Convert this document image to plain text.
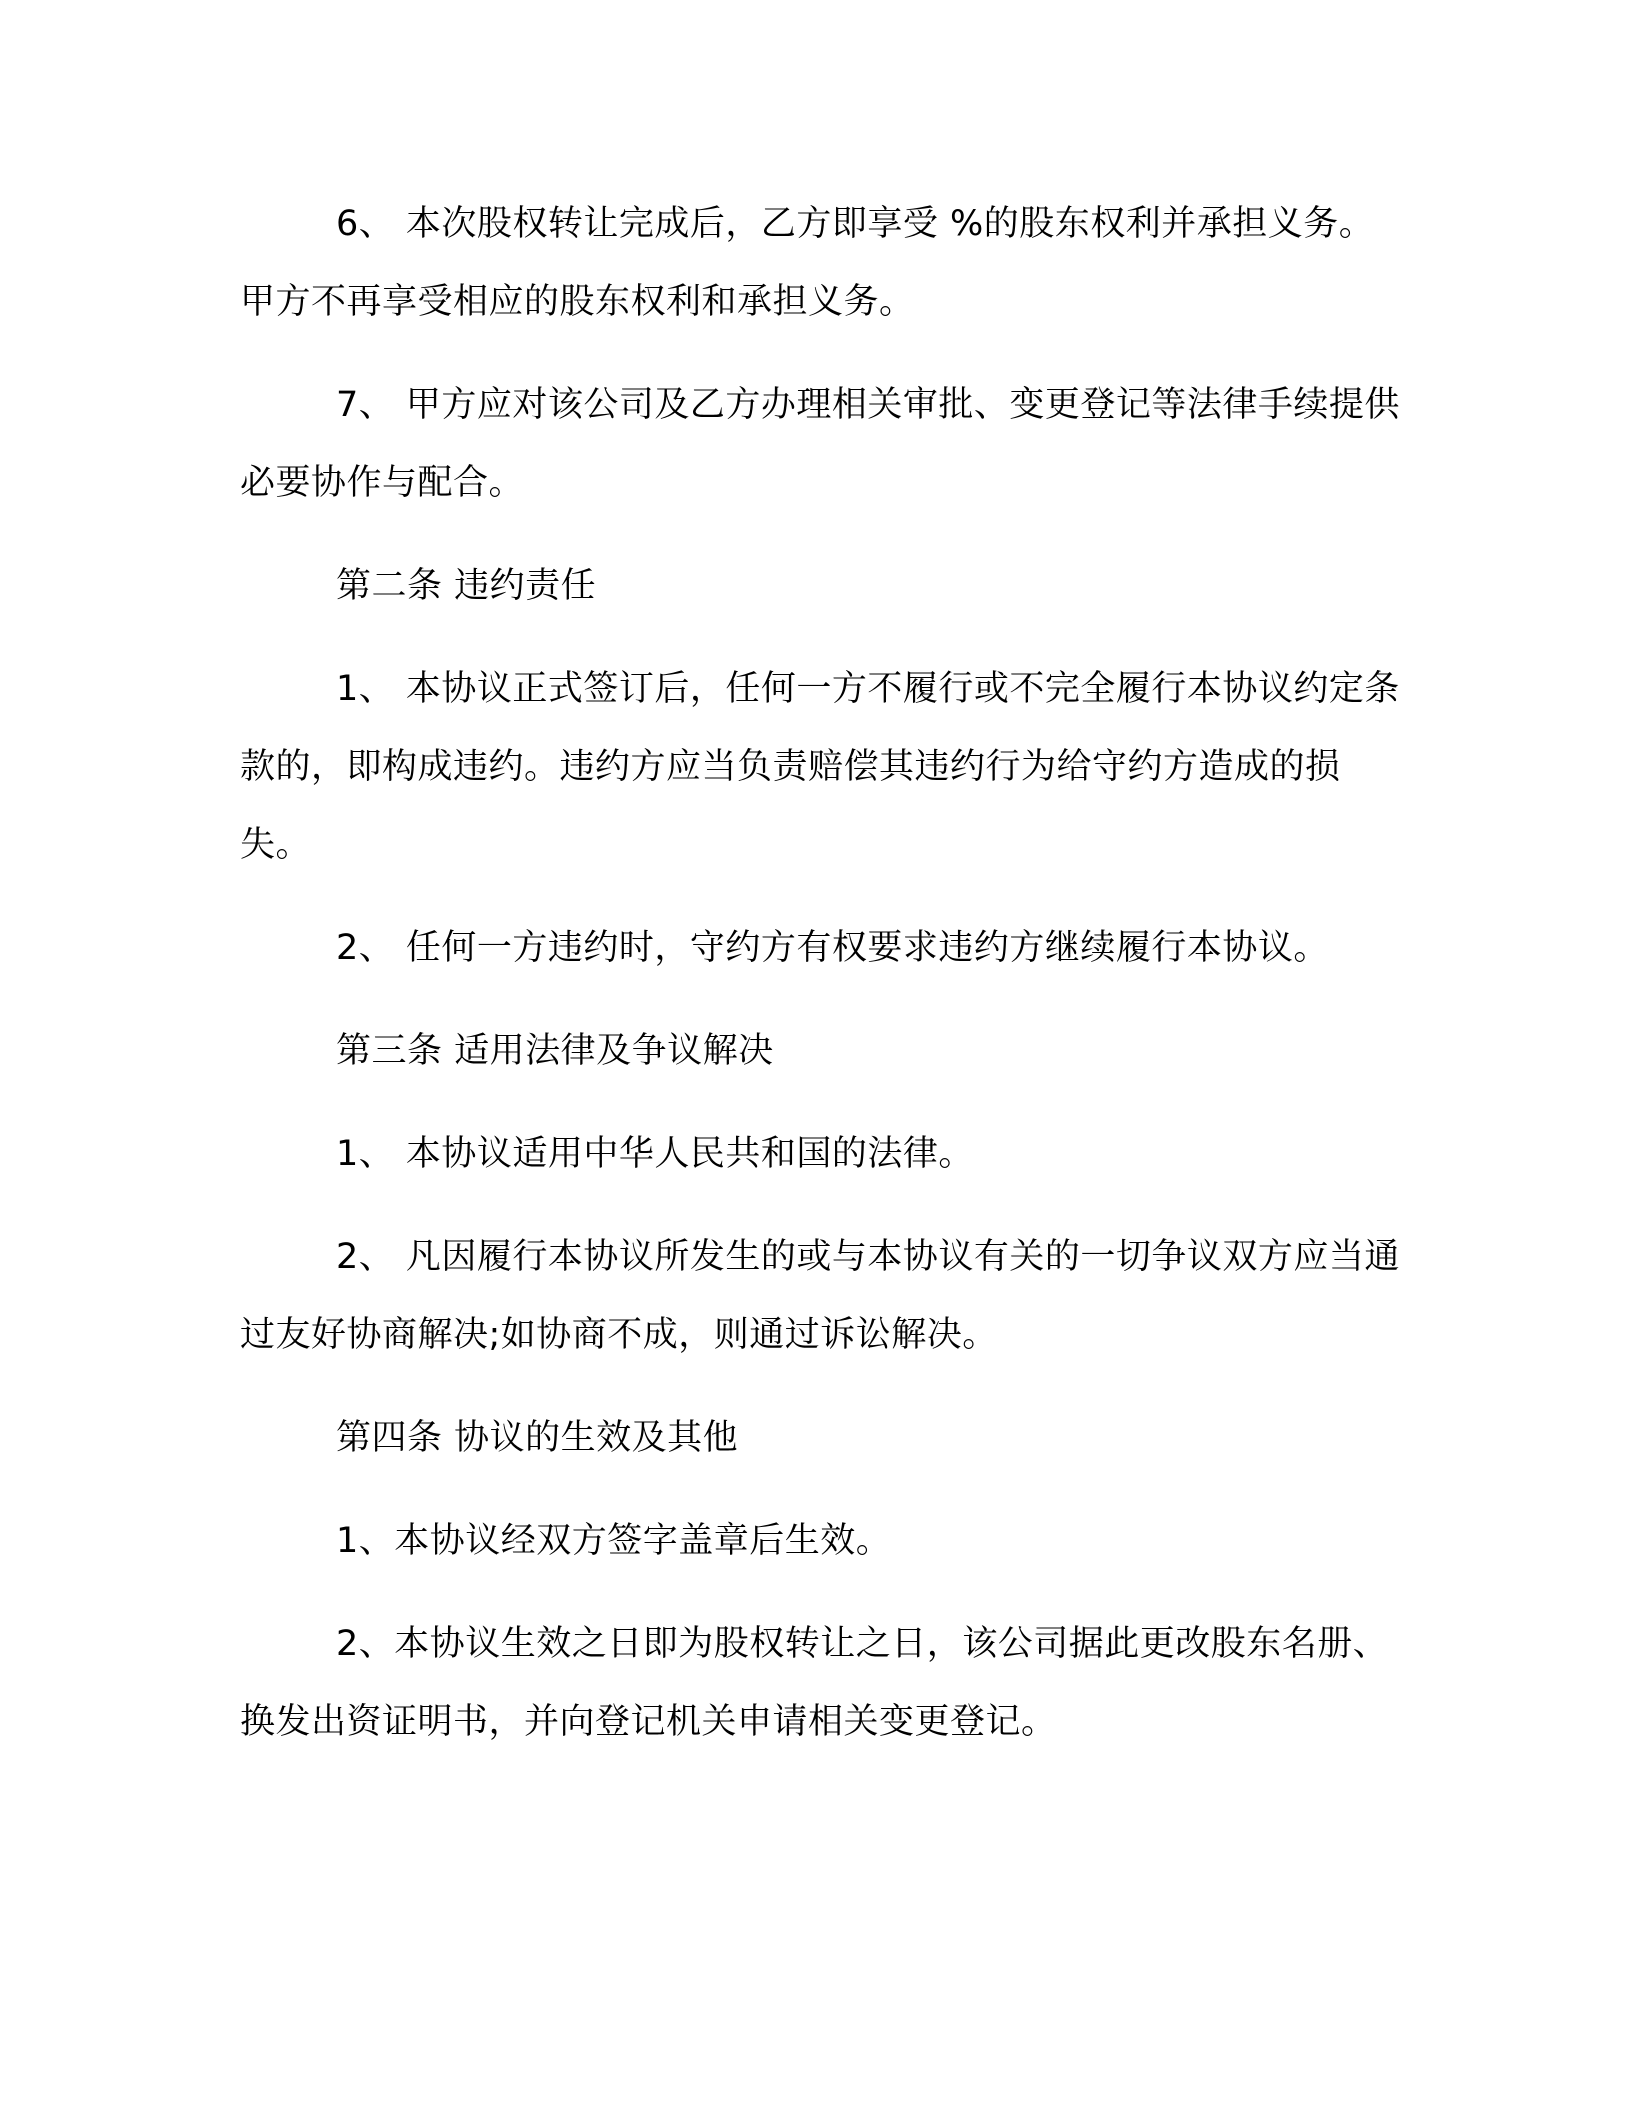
6、 本次股权转让完成后，乙方即享受 %的股东权利并承担义务。甲方不再享受相应的股东权利和承担义务。

7、 甲方应对该公司及乙方办理相关审批、变更登记等法律手续提供必要协作与配合。

第二条 违约责任

1、 本协议正式签订后，任何一方不履行或不完全履行本协议约定条款的，即构成违约。违约方应当负责赔偿其违约行为给守约方造成的损失。

2、 任何一方违约时，守约方有权要求违约方继续履行本协议。

第三条 适用法律及争议解决

1、 本协议适用中华人民共和国的法律。

2、 凡因履行本协议所发生的或与本协议有关的一切争议双方应当通过友好协商解决;如协商不成，则通过诉讼解决。

第四条 协议的生效及其他

1、本协议经双方签字盖章后生效。

2、本协议生效之日即为股权转让之日，该公司据此更改股东名册、换发出资证明书，并向登记机关申请相关变更登记。
